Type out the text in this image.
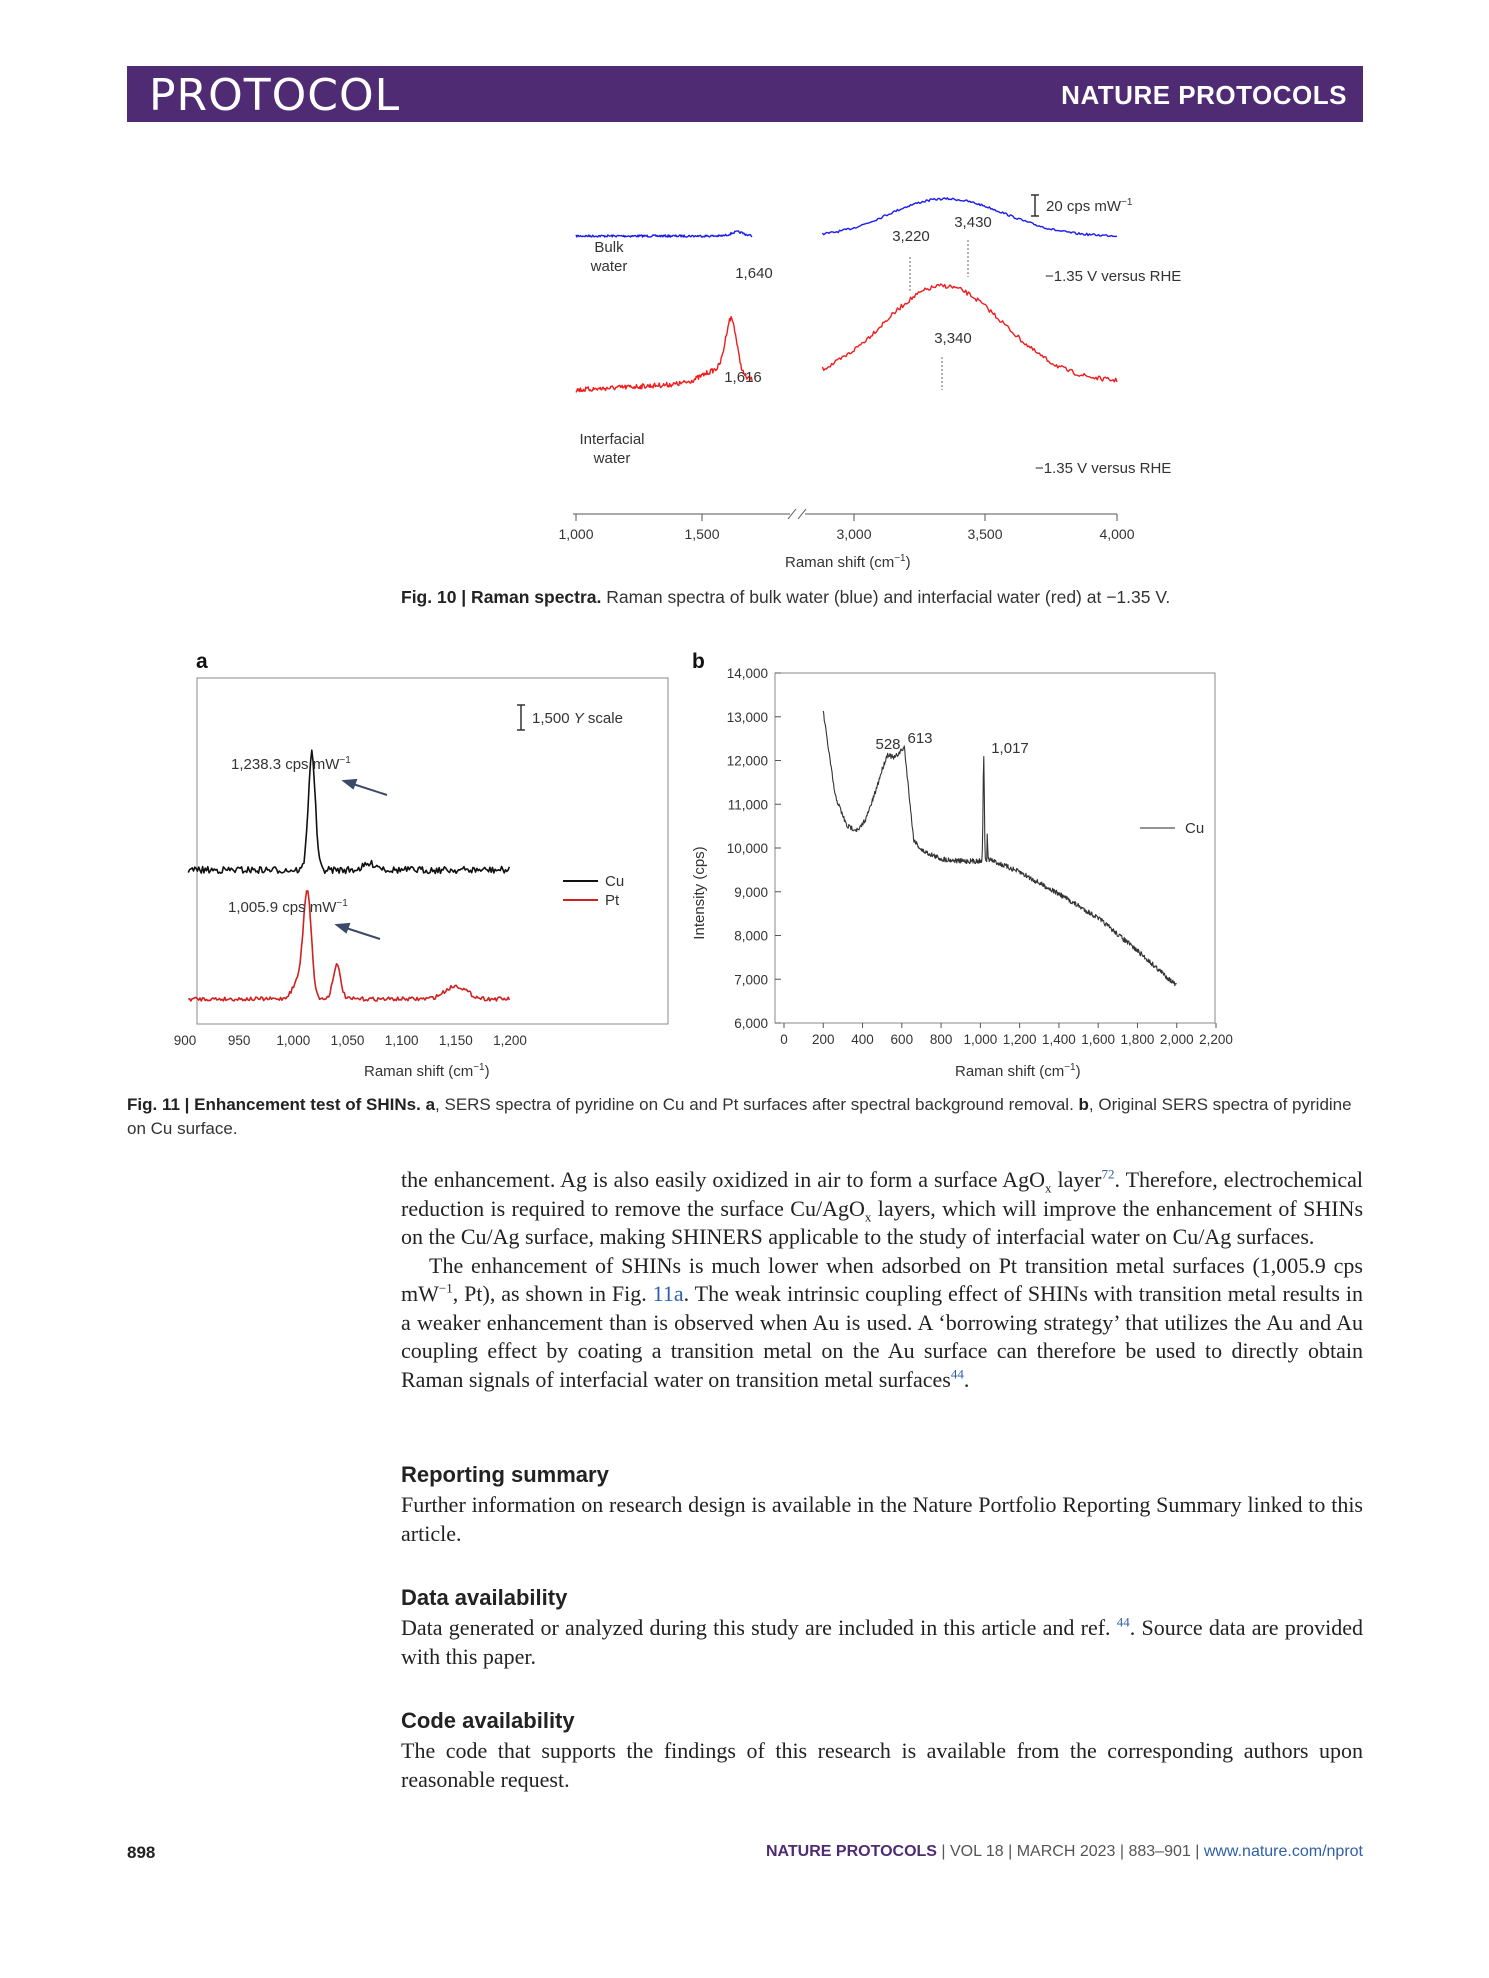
PROTOCOL	NATURE PROTOCOLS
1,000	1,500	3,000	3,500	4,000
Raman shift $(cm^{-1})$
Bulk
water
Interfacial
water
1,640
3,220
3,430
1,616
3,340
−1.35 V versus RHE
−1.35 V versus RHE
20 cps $mW^{-1}$
Fig. 10 | Raman spectra. Raman spectra of bulk water (blue) and interfacial water (red) at −1.35 V.
a
1,238.3 cps $mW^{-1}$
1,005.9 cps $mW^{-1}$
1,500 Y scale
Cu
Pt
900 950 1,000 1,050 1,100 1,150 1,200
Raman shift $(cm^{-1})$
b
6,000
7,000
8,000
9,000
10,000
11,000
12,000
13,000
14,000
0 200 400 600 800 1,000 1,200 1,400 1,600 1,800 2,000 2,200
Intensity (cps)
528 613
1,017
Cu
Raman shift $(cm^{-1})$
Fig. 11 | Enhancement test of SHINs. a, SERS spectra of pyridine on Cu and Pt surfaces after spectral background removal. b, Original SERS spectra of pyridine on Cu surface.

the enhancement. Ag is also easily oxidized in air to form a surface AgO$_x$ layer$^{72}$. Therefore, electrochemical reduction is required to remove the surface Cu/AgO$_x$ layers, which will improve the enhancement of SHINs on the Cu/Ag surface, making SHINERS applicable to the study of interfacial water on Cu/Ag surfaces.

The enhancement of SHINs is much lower when adsorbed on Pt transition metal surfaces (1,005.9 cps $mW^{-1}$, Pt), as shown in Fig. 11a. The weak intrinsic coupling effect of SHINs with transition metal results in a weaker enhancement than is observed when Au is used. A ‘borrowing strategy’ that utilizes the Au and Au coupling effect by coating a transition metal on the Au surface can therefore be used to directly obtain Raman signals of interfacial water on transition metal surfaces$^{44}$.

Reporting summary
Further information on research design is available in the Nature Portfolio Reporting Summary linked to this article.
Data availability
Data generated or analyzed during this study are included in this article and ref. $^{44}$. Source data are provided with this paper.
Code availability
The code that supports the findings of this research is available from the corresponding authors upon reasonable request.
898	NATURE PROTOCOLS | VOL 18 | MARCH 2023 | 883–901 | www.nature.com/nprot
